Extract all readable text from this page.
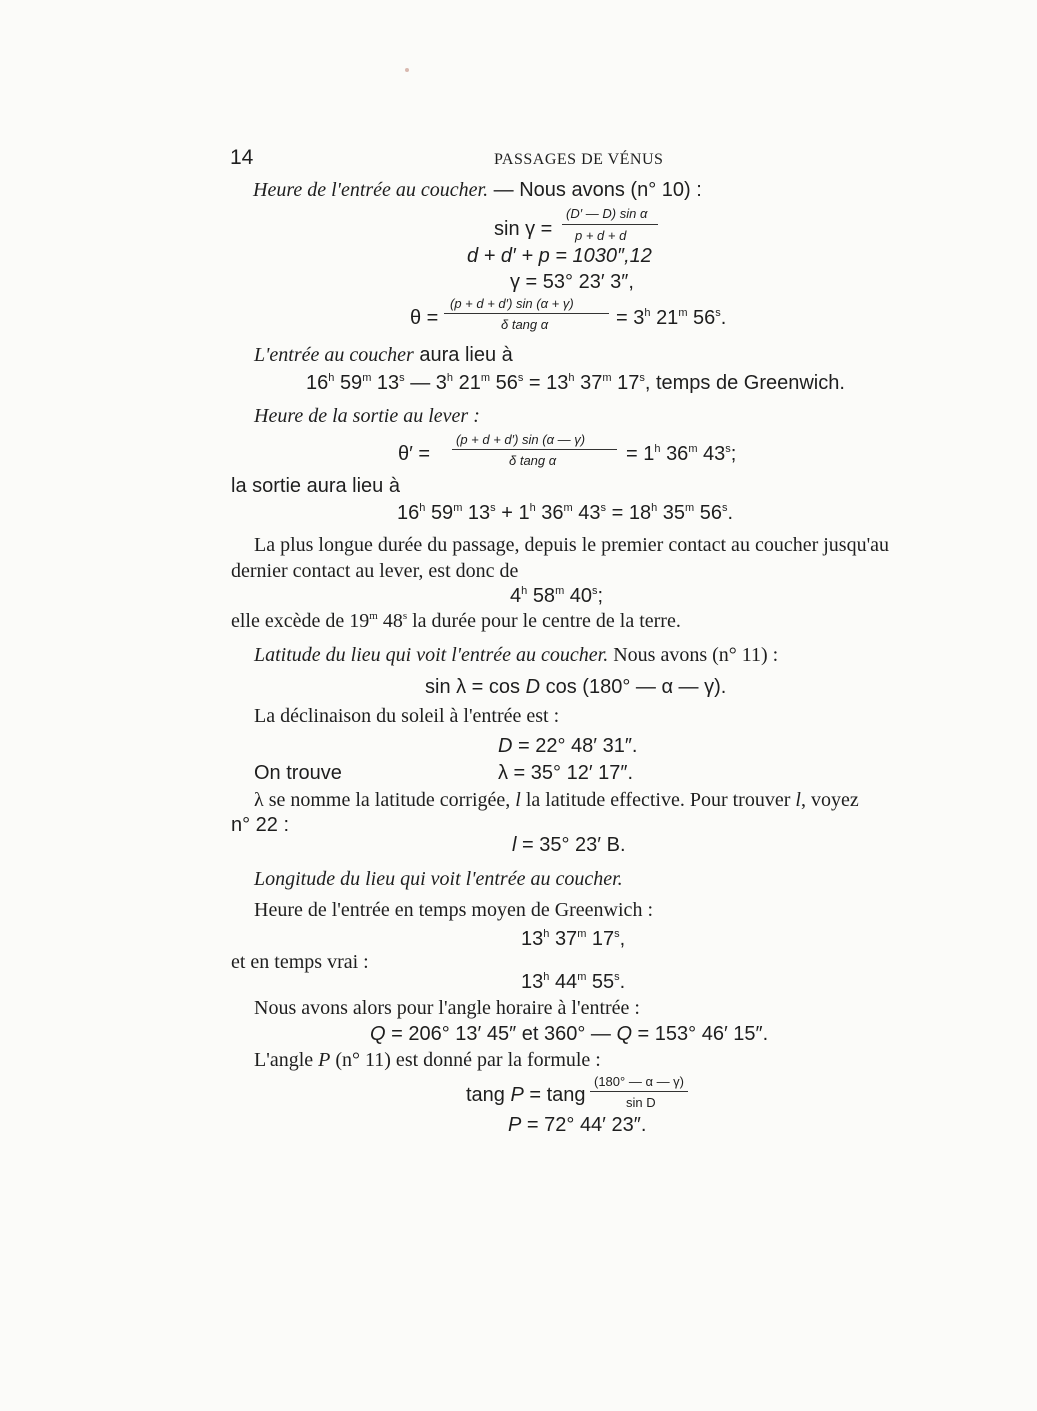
14	PASSAGES DE VÉNUS
Heure de l'entrée au coucher. — Nous avons (n° 10) :
sin γ =
(D′ — D) sin α
p + d + d
d + d′ + p = 1030″,12
γ = 53° 23′ 3″,
θ =
(p + d + d′) sin (α + γ)
δ tang α	= $3^h$ 21$^m$ 56$^s$.
L'entrée au coucher aura lieu à
16$^h$ 59$^m$ 13$^s$ — 3$^h$ 21$^m$ $56^s = 13^h$ 37$^m$ 17$^s$, temps de Greenwich.
Heure de la sortie au lever :
θ′ =
(p + d + d′) sin (α — γ)
δ tang α	= $1^h$ 36$^m$ 43$^s$;
la sortie aura lieu à
16$^h$ 59$^m$ $13^s + 1^h$ 36$^m$ $43^s = 18^h$ 35$^m$ 56$^s$.
La plus longue durée du passage, depuis le premier contact au coucher jusqu'au
dernier contact au lever, est donc de
4$^h$ 58$^m$ 40$^s$;
elle excède de 19$^m$ 48$^s$ la durée pour le centre de la terre.
Latitude du lieu qui voit l'entrée au coucher. Nous avons (n° 11) :
sin λ = cos D cos (180° — α — γ).
La déclinaison du soleil à l'entrée est :
D = 22° 48′ 31″.
On trouve	λ = 35° 12′ 17″.
λ se nomme la latitude corrigée, l la latitude effective. Pour trouver l, voyez
n° 22 :
l = 35° 23′ B.
Longitude du lieu qui voit l'entrée au coucher.
Heure de l'entrée en temps moyen de Greenwich :
13$^h$ 37$^m$ 17$^s$,
et en temps vrai :
13$^h$ 44$^m$ 55$^s$.
Nous avons alors pour l'angle horaire à l'entrée :
Q = 206° 13′ 45″ et 360° — Q = 153° 46′ 15″.
L'angle P (n° 11) est donné par la formule :
tang P = tang
(180° — α — γ)
sin D
P = 72° 44′ 23″.
